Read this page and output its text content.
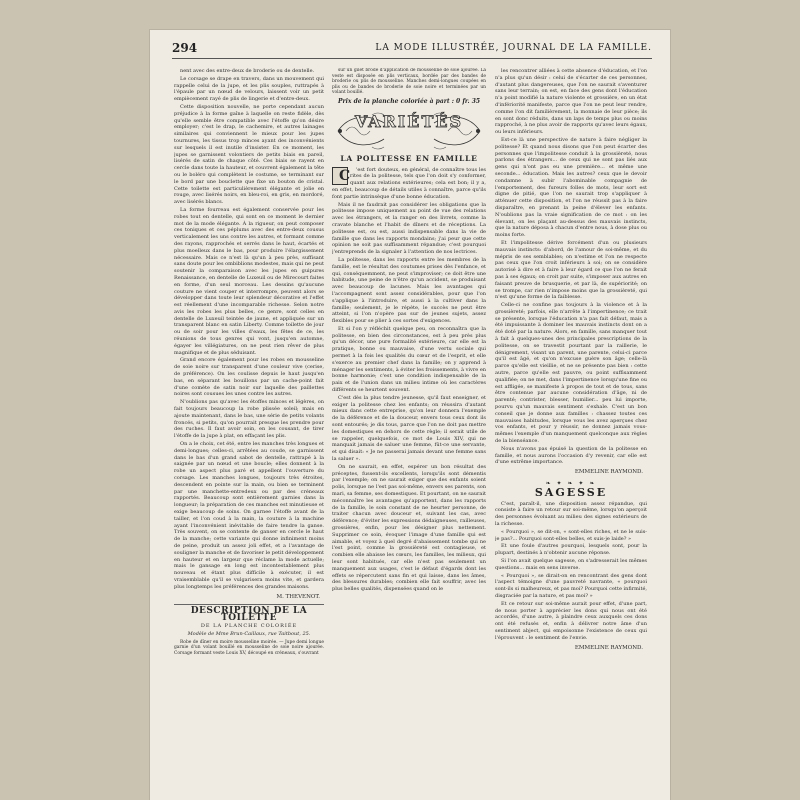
294	LA MODE ILLUSTRÉE, JOURNAL DE LA FAMILLE.

nent avec des entre-deux de broderie ou de dentelle.

Le corsage se drape en travers, dans un mouvement qui rappelle celui de la jupe, et les plis souples, ruttrapés à l'épaule par un nœud de velours, laissent voir un petit empiècement rayé de plis de lingerie et d'entre-deux.

Cette disposition nouvelle, ne porte cependant aucun préjudice à la forme gaîne à laquelle on reste fidèle, dès qu'elle semble être compatible avec l'étoffe qu'on désire employer; c'est le drap, le cachemire, et autres lainages similaires qui conviennent le mieux pour les jupes tournures, les tissus trop minces ayant des inconvénients sur lesquels il est inutile d'insister. En ce moment, les jupes se garnissent volontiers de petits biais en pareil, lisérés de satin de chaque côté. Ces biais se rayent en cercle dans toute la hauteur, et couvrent également la tête ou le boléro qui complètent le costume, se terminant sur le bord par une bouclette que fixe un bouton de cristal. Cette toilette est particulièrement élégante et jolie en rouge, avec lisérés noirs, en bleu-roi, en gris, en mordoré, avec lisérés blancs.

La forme fourreau est également conservée pour les robes tout en dentelle, qui sont en ce moment le dernier mot de la mode élégante. À la rigueur, on peut composer ces toniques et ces péplums avec des entre-deux cousus verticalement les uns contre les autres, et formant comme des rayons, rapprochés et serrés dans le haut, écartés et plus moelleux dans le bas, pour produire l'élargissement nécessaire. Mais ce n'est là qu'un à peu près, suffisant sans doute pour les ombiblions modestes, mais qui ne peut soutenir la comparaison avec les jupes en guipures Renaissance, en dentelle de Luxeuil ou de Mirecourt faites en forme, d'un seul morceau. Les dessins qu'aucune couture ne vient couper et interrompre, peuvent alors se développer dans toute leur splendeur décorative et l'effet est réellement d'une incomparable richesse. Selon notre avis les robes les plus belles, ce genre, sont celles en dentelle de Luxeuil teintée de jaune, et appliquée sur un transparent blanc en satin Liberty. Comme toilette de jour ou de soir pour les villes d'eaux, les fêtes de ce, les réunions de tous genres qui vont, jusqu'en automne, égayer les villégiatures, on ne peut rien rêver de plus magnifique et de plus séduisant.

Grand encore également pour les robes en mousseline de soie noire sur transparent d'une couleur vive (cerise, de préférence). On les coulisse depuis le haut jusqu'en bas, en séparant les bouillons par un cache-point fait d'une comète de satin noir sur laquelle des paillettes noires sont cousues les unes contre les autres.

N'oublions pas qu'avec les étoffes minces et légères, on fait toujours beaucoup la robe plissée soleil; mais en ajoute maintenant, dans le bas, une série de petits volants froncés, si petits, qu'on pourrait presque les prendre pour des ruches. Il faut avoir soin, en les cousant, de tirer l'étoffe de la jupe à plat, en effaçant les plis.

On a le choix, cet été, entre les manches très longues et demi-longues; celles-ci, arrêtées au coude, se garnissent dans le bas d'un grand sabot de dentelle, rattrapé à la saignée par un nœud et une boucle; elles donnent à la robe un aspect plus paré et appellent l'ouverture du corsage. Les manches longues, toujours très étroites, descendent en pointe sur la main, ou bien se terminent par une manchette-entredeux ou par des créneaux rapportés. Beaucoup sont entièrement garnies dans la longueur; la préparation de ces manches est minutieuse et exige beaucoup de soins. On garnee l'étoffe avant de la tailler, et l'on coud à la main, la couture à la machine ayant l'inconvénient inévitable de faire tendre la ganse. Très souvent, on se contente de ganser en cercle le haut de la manche; cette variante qui donne infiniment moins de peine, produit un assez joli effet, et a l'avantage de souligner la manche et de favoriser le petit développement en hauteur et en largeur que réclame la mode actuelle; mais le gansage en long est incontestablement plus nouveau et étant plus difficile à exécuter, il est vraisemblable qu'il se vulgarisera moins vite, et gardera plus longtemps les préférences des grandes maisons.

M. THEVENOT.
DESCRIPTION DE LA TOILETTE
DE LA PLANCHE COLORIÉE
Modèle de Mme Brun-Caillaux, rue Taitbout, 25.

Robe de dîner en moire mousseline moirée. — Jupe demi longue garnie d'un volant bouillé en mousseline de soie noire ajourée. Corsage formant veste Louis XV, découpé en créneaux, s'ouvrant

sur un gilet brodé d'application de mousseline de soie ajourée. La veste est disposée en plis verticaux, bordée par des bandes de broderie ou plis de mousseline. Manches demi-longues coupées en plis ou de bandes de broderie de soie noire et terminées par un volant bouillé.

Prix de la planche coloriée à part : 0 fr. 35
VARIÉTÉS
LA POLITESSE EN FAMILLE

C 'est fort douteux, en général, de connaître tous les rites de la politesse, tels que l'on doit s'y conformer, quant aux relations extérieures; cela est bon; il y a, en effet, beaucoup de détails utiles à connaître, parce qu'ils font partie intrinsèque d'une bonne éducation.

Mais il ne faudrait pas considérer les obligations que la politesse impose uniquement au point de vue des relations avec les étrangers, et la ranger en des livrets, comme la cravate blanche et l'habit de dîners et de réceptions. La politesse est, ou est, aussi indispensable dans la vie de famille que dans les rapports mondains; j'ai peur que cette opinion ne soit pas suffisamment répandue; c'est pourquoi j'entreprends de la signaler à l'attention de nos lectrices.

La politesse, dans les rapports entre les membres de la famille, est le résultat des coutumes prises dès l'enfance, et qui, conséquemment, ne peut s'improviser; ce doit être une habitude, une peine de n'être qu'un accident, se produisant avec beaucoup de lacunes. Mais les avantages qui l'accompagnent sont assez considérables, pour que l'on s'applique à l'introduire, et aussi à la cultiver dans la famille; seulement, je le répète, le succès ne peut être atteint, si l'on n'opère pas sur de jeunes sujets, assez flexibles pour se plier à ces sortes d'exigences.

Et si l'on y réfléchit quelque peu, on reconnaîtra que la politesse, en bien des circonstances, est à peu près plus qu'un décor, une pure formalité extérieure, car elle est la pratique, bonne ou mauvaise, d'une vertu sociale qui permet à la fois les qualités du cœur et de l'esprit, et elle s'exerce au premier chef dans la famille; on y apprend à ménager les sentiments, à éviter les froissements, à vivre en bonne harmonie; c'est une condition indispensable de la paix et de l'union dans un milieu intime où les caractères différents se heurtent souvent.

C'est dès la plus tendre jeunesse, qu'il faut enseigner, et exiger la politesse chez les enfants; on réussira d'autant mieux dans cette entreprise, qu'on leur donnera l'exemple de la déférence et de la douceur, envers tous ceux dont ils sont entourés; je dis tous, parce que l'on ne doit pas mettre les domestiques en dehors de cette règle; il serait utile de se rappeler, quelquefois, ce mot de Louis XIV, qui ne manquait jamais de saluer une femme, fût-ce une servante, et qui disait: « Je ne passerai jamais devant une femme sans la saluer ».

On ne saurait, en effet, espérer un bon résultat des préceptes, fussent-ils excellents, lorsqu'ils sont démentis par l'exemple; on ne saurait exiger que des enfants soient polis, lorsque ne l'est pas soi-même, envers ses parents, son mari, sa femme, ses domestiques. Et pourtant, on ne saurait méconnaître les avantages qu'apportent, dans les rapports de la famille, le soin constant de ne heurter personne, de traiter chacun avec douceur et, suivant les cas, avec déférence; d'éviter les expressions dédaigneuses, railleuses, grossières, enfin, pour les désigner plus nettement. Supprimer ce soin, évoquer l'image d'une famille qui est aimable, et voyez à quel degré d'abaissement tombe qui ne l'est point, comme la grossièreté est contagieuse, et combien elle abaisse les cœurs, les familles, les milieux, qui leur sont habitués, car elle n'est pas seulement un manquement aux usages, c'est le défaut d'égards dont les effets se répercutent sans fin et qui laisse, dans les âmes, des blessures durables; combien elle fait souffrir, avec les plus belles qualités, dispensées quand on le

les rencontrer alliées à cette absence d'éducation, et l'on n'a plus qu'un désir : celui de s'écarter de ces personnes, d'autant plus dangereuses, que l'on ne saurait s'aventurer sans leur terrain; on est, en face des gens dont l'éducation n'a point modifié la nature violente et grossière, en un état d'infériorité manifeste, parce que l'on ne peut leur rendre, comme l'on dit familièrement, la monnaie de leur pièce; ils en sont donc réduits, dans un laps de temps plus ou moins rapproché, à ne plus avoir de rapports qu'avec leurs égaux, ou leurs inférieurs.

Est-ce là une perspective de nature à faire négliger la politesse? Et quand nous disons que l'on peut écarter des personnes que l'impolitesse conduit à la grossièreté, nous parlons des étrangers... de ceux qui ne sont pas liés aux gens qui n'ont pas eu une première... et même une seconde... éducation. Mais les autres? ceux que le devoir condamne à subir l'abominable compagnie de l'emportement, des fureurs folles de mots, leur sort est digne de pitié, que l'on ne saurait trop s'appliquer à atténuer cette disposition, et l'on ne réussit pas à la faire disparaître, en prenant la peine d'élever les enfants. N'oublions pas la vraie signification de ce mot : on les élevant, on les plaçant au-dessus des mauvais instincts, que la nature déposa à chacun d'entre nous, à dose plus ou moins forte.

Et l'impolitesse dérive forcément d'un ou plusieurs mauvais instincts: d'abord, de l'amour de soi-même, et du mépris de ses semblables; on n'estime et l'on ne respecte pas ceux que l'on croit inférieurs à soi; on se considère autorisé à dire et à faire à leur égard ce que l'on ne ferait pas à ses égaux; on croit par suite, s'imposer aux autres en faisant preuve de brusquerie, et par là, de supériorité; on se trompe, car rien n'impose moins que la grossièreté, qui n'est qu'une forme de la faiblesse.

Celle-ci ne confine pas toujours à la violence et à la grossièreté; parfois, elle n'arrête à l'impertinence; ce trait se présente, lorsque l'éducation n'a pas fait défaut, mais a été impuissante à dominer les mauvais instincts dont on a été doté par la nature. Alors, en famille, sans manquer tout à fait à quelques-unes des principales prescriptions de la politesse, on se travestit pourtant par la raillerie, le dénigrement, visant un parent, une parente, celui-ci parce qu'il est âgé, et qu'on n'excuse guère son âge; celle-là parce qu'elle est vieillie, et ne se présente pas bien : cette autre, parce qu'elle est pauvre, ou point suffisamment qualifiée; on ne met, dans l'impertinence lorsqu'une fine ou est affligée, se manifeste à propos de tout et de tous, sans être contenue par aucune considération d'âge, ni de parenté; contrister, blesser, humilier... peu lui importe, pourvu qu'un mauvais sentiment s'exhale. C'est un bon conseil que je donne aux familles : chassez toutes ces mauvaises habitudes, lorsque vous les avez aperçues chez vos enfants, et pour y réussir, ne donnez jamais vous-mêmes l'exemple d'un manquement quelconque aux règles de la bienséance.

Nous n'avons pas épuisé la question de la politesse en famille, et nous aurons l'occasion d'y revenir, car elle est d'une extrême importance.

EMMELINE RAYMOND.
❧ ✦ ❧ ✦ ❧
SAGESSE

C'est, paraît-il, une disposition assez répandue, qui consiste à faire un retour sur soi-même, lorsqu'on aperçoit des personnes évoluant au milieu des signes extérieurs de la richesse.

« Pourquoi », se dit-on, « sont-elles riches, et ne le suis-je pas?... Pourquoi sont-elles belles, et suis-je laide? »

Et une foule d'autres pourquoi, lesquels sont, pour la plupart, destinés à n'obtenir aucune réponse.

Si l'on avait quelque sagesse, on s'adresserait les mêmes questions... mais en sens inverse.

« Pourquoi », se dirait-on en rencontrant des gens dont l'aspect témoigne d'une pauvreté navrante, « pourquoi sont-ils si malheureux, et pas moi? Pourquoi cette infirmité, disgraciée par la nature, et pas moi? »

Et ce retour sur soi-même aurait pour effet, d'une part, de nous porter à apprécier les dons qui nous ont été accordés, d'une autre, à plaindre ceux auxquels ces dons ont été refusés et, enfin à délivrer notre âme d'un sentiment abject, qui empoisonne l'existence de ceux qui l'éprouvent : le sentiment de l'envie.

EMMELINE RAYMOND.
